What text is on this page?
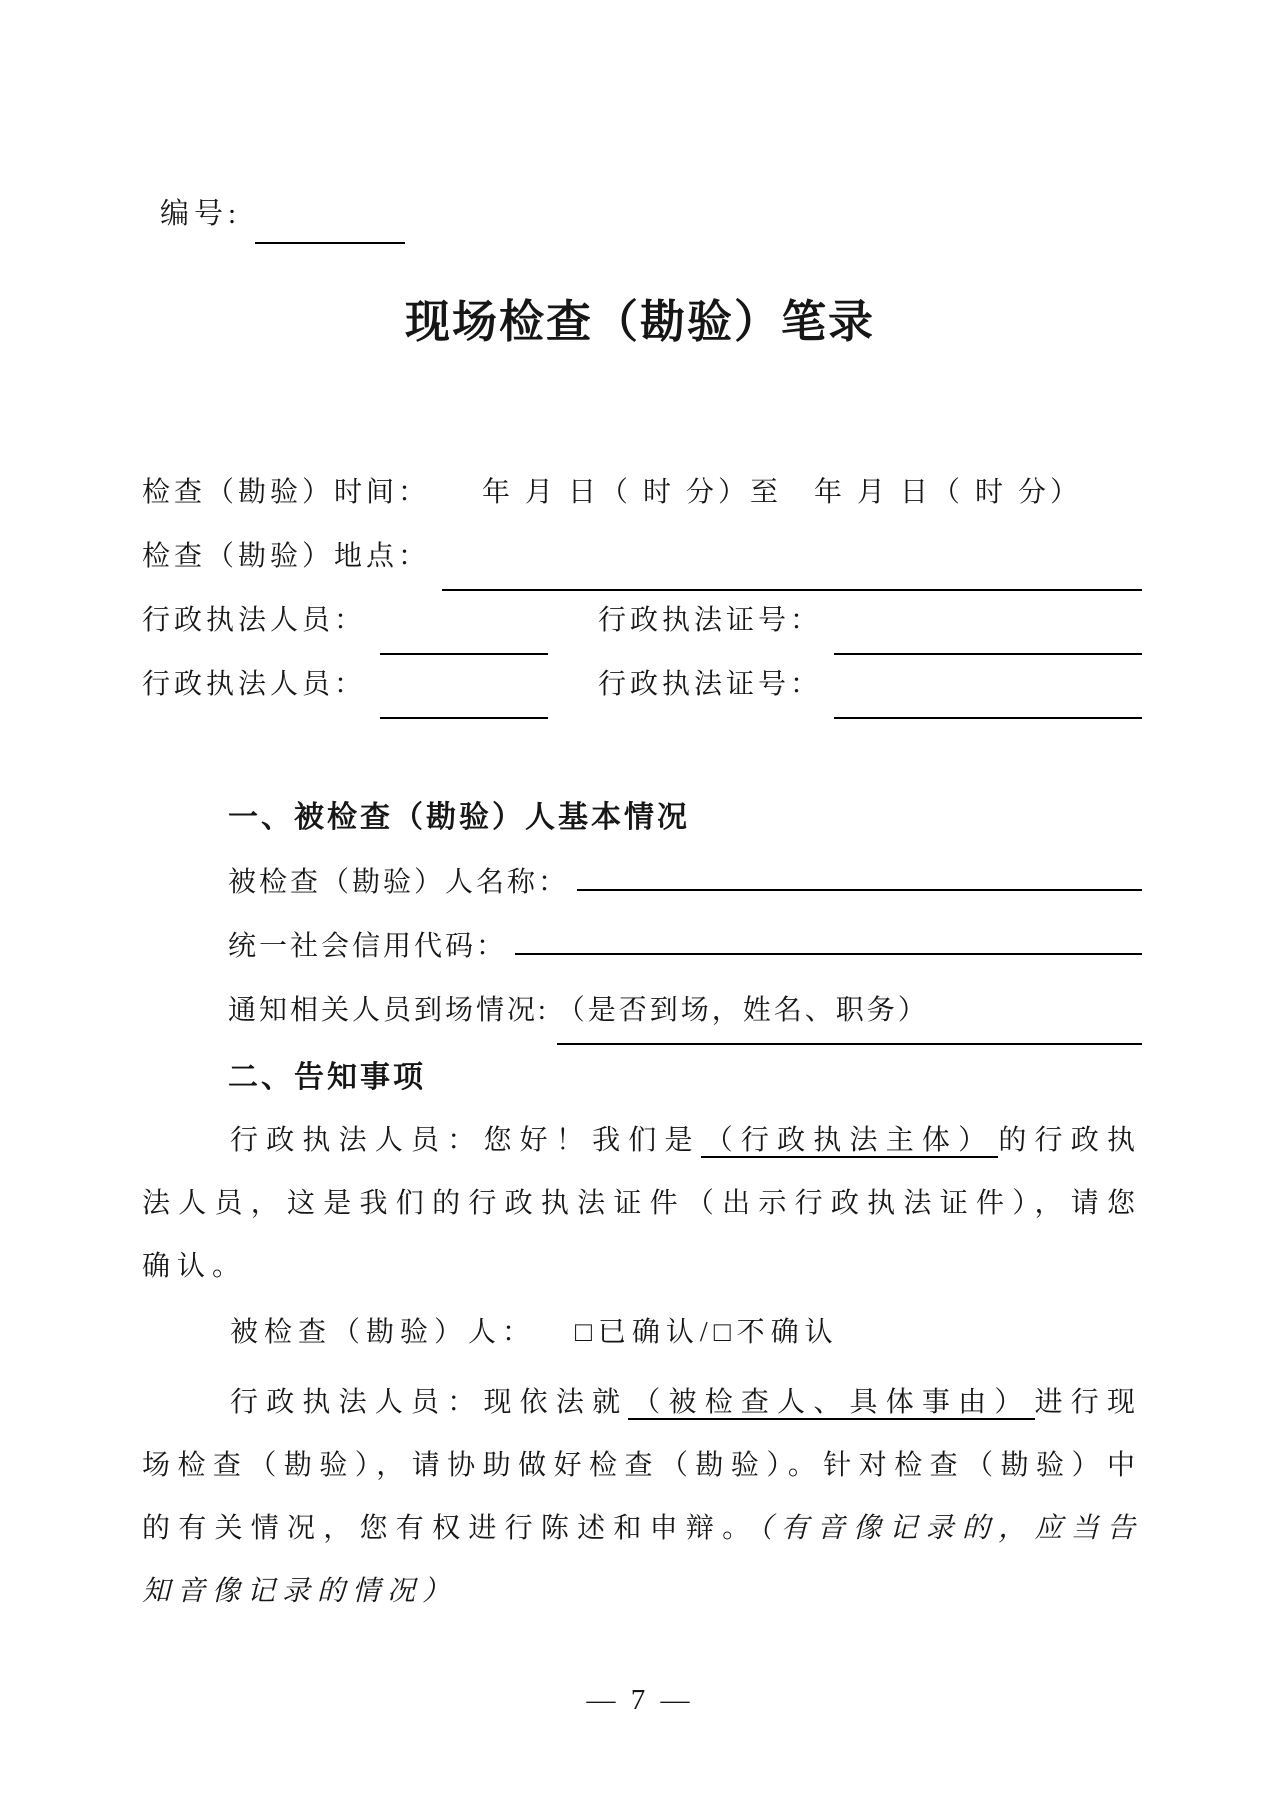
编号:
现场检查（勘验）笔录
检查（勘验）时间： 年 月 日（ 时 分）至　年 月 日（ 时 分）
检查（勘验）地点：
行政执法人员：	行政执法证号：
行政执法人员：	行政执法证号：
一、被检查（勘验）人基本情况
被检查（勘验）人名称：
统一社会信用代码：
通知相关人员到场情况: （是否到场，姓名、职务）
二、告知事项
行政执法人员：您好！我们是 （行政执法主体） 的行政执法人员，这是我们的行政执法证件（出示行政执法证件），请您确认。
被检查（勘验）人： □已确认/□不确认
行政执法人员：现依法就 （被检查人、具体事由） 进行现场检查（勘验），请协助做好检查（勘验）。针对检查（勘验）中的有关情况，您有权进行陈述和申辩。（有音像记录的，应当告知音像记录的情况）
— 7 —
